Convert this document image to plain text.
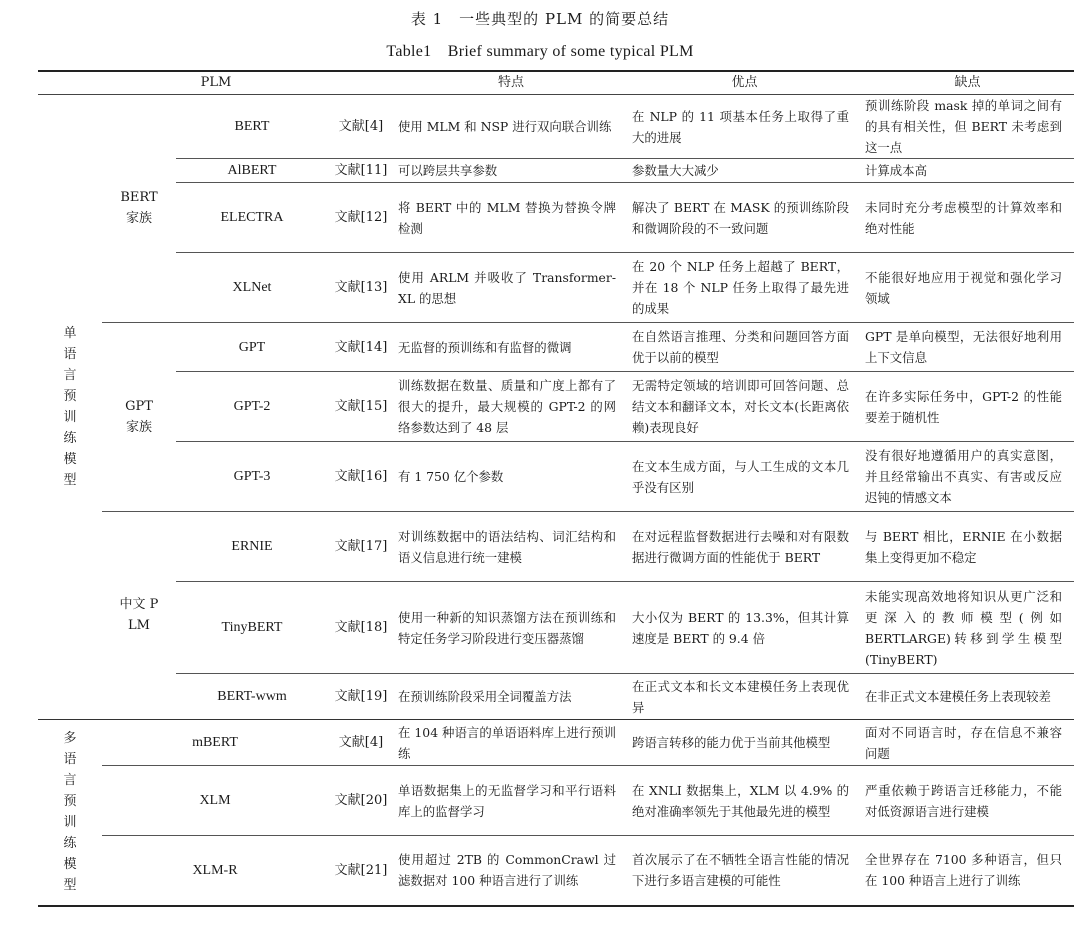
表 1　一些典型的 PLM 的简要总结
Table1　Brief summary of some typical PLM
PLM				特点	优点	缺点
单语言预训练模型	BERT 家族	BERT	文献[4]	使用 MLM 和 NSP 进行双向联合训练	在 NLP 的 11 项基本任务上取得了重大的进展	预训练阶段 mask 掉的单词之间有的具有相关性，但 BERT 未考虑到这一点
		AlBERT	文献[11]	可以跨层共享参数	参数量大大减少	计算成本高
		ELECTRA	文献[12]	将 BERT 中的 MLM 替换为替换令牌检测	解决了 BERT 在 MASK 的预训练阶段和微调阶段的不一致问题	未同时充分考虑模型的计算效率和绝对性能
		XLNet	文献[13]	使用 ARLM 并吸收了 Transformer-XL 的思想	在 20 个 NLP 任务上超越了 BERT，并在 18 个 NLP 任务上取得了最先进的成果	不能很好地应用于视觉和强化学习领域
	GPT 家族	GPT	文献[14]	无监督的预训练和有监督的微调	在自然语言推理、分类和问题回答方面优于以前的模型	GPT 是单向模型，无法很好地利用上下文信息
		GPT-2	文献[15]	训练数据在数量、质量和广度上都有了很大的提升，最大规模的 GPT-2 的网络参数达到了 48 层	无需特定领域的培训即可回答问题、总结文本和翻译文本，对长文本(长距离依赖)表现良好	在许多实际任务中，GPT-2 的性能要差于随机性
		GPT-3	文献[16]	有 1 750 亿个参数	在文本生成方面，与人工生成的文本几乎没有区别	没有很好地遵循用户的真实意图，并且经常输出不真实、有害或反应迟钝的情感文本
	中文 PLM	ERNIE	文献[17]	对训练数据中的语法结构、词汇结构和语义信息进行统一建模	在对远程监督数据进行去噪和对有限数据进行微调方面的性能优于 BERT	与 BERT 相比，ERNIE 在小数据集上变得更加不稳定
		TinyBERT	文献[18]	使用一种新的知识蒸馏方法在预训练和特定任务学习阶段进行变压器蒸馏	大小仅为 BERT 的 13.3%，但其计算速度是 BERT 的 9.4 倍	未能实现高效地将知识从更广泛和更深入的教师模型(例如 BERTLARGE)转移到学生模型(TinyBERT)
		BERT-wwm	文献[19]	在预训练阶段采用全词覆盖方法	在正式文本和长文本建模任务上表现优异	在非正式文本建模任务上表现较差
多语言预训练模型	mBERT		文献[4]	在 104 种语言的单语语料库上进行预训练	跨语言转移的能力优于当前其他模型	面对不同语言时，存在信息不兼容问题
	XLM		文献[20]	单语数据集上的无监督学习和平行语料库上的监督学习	在 XNLI 数据集上，XLM 以 4.9% 的绝对准确率领先于其他最先进的模型	严重依赖于跨语言迁移能力，不能对低资源语言进行建模
	XLM-R		文献[21]	使用超过 2TB 的 CommonCrawl 过滤数据对 100 种语言进行了训练	首次展示了在不牺牲全语言性能的情况下进行多语言建模的可能性	全世界存在 7100 多种语言，但只在 100 种语言上进行了训练
